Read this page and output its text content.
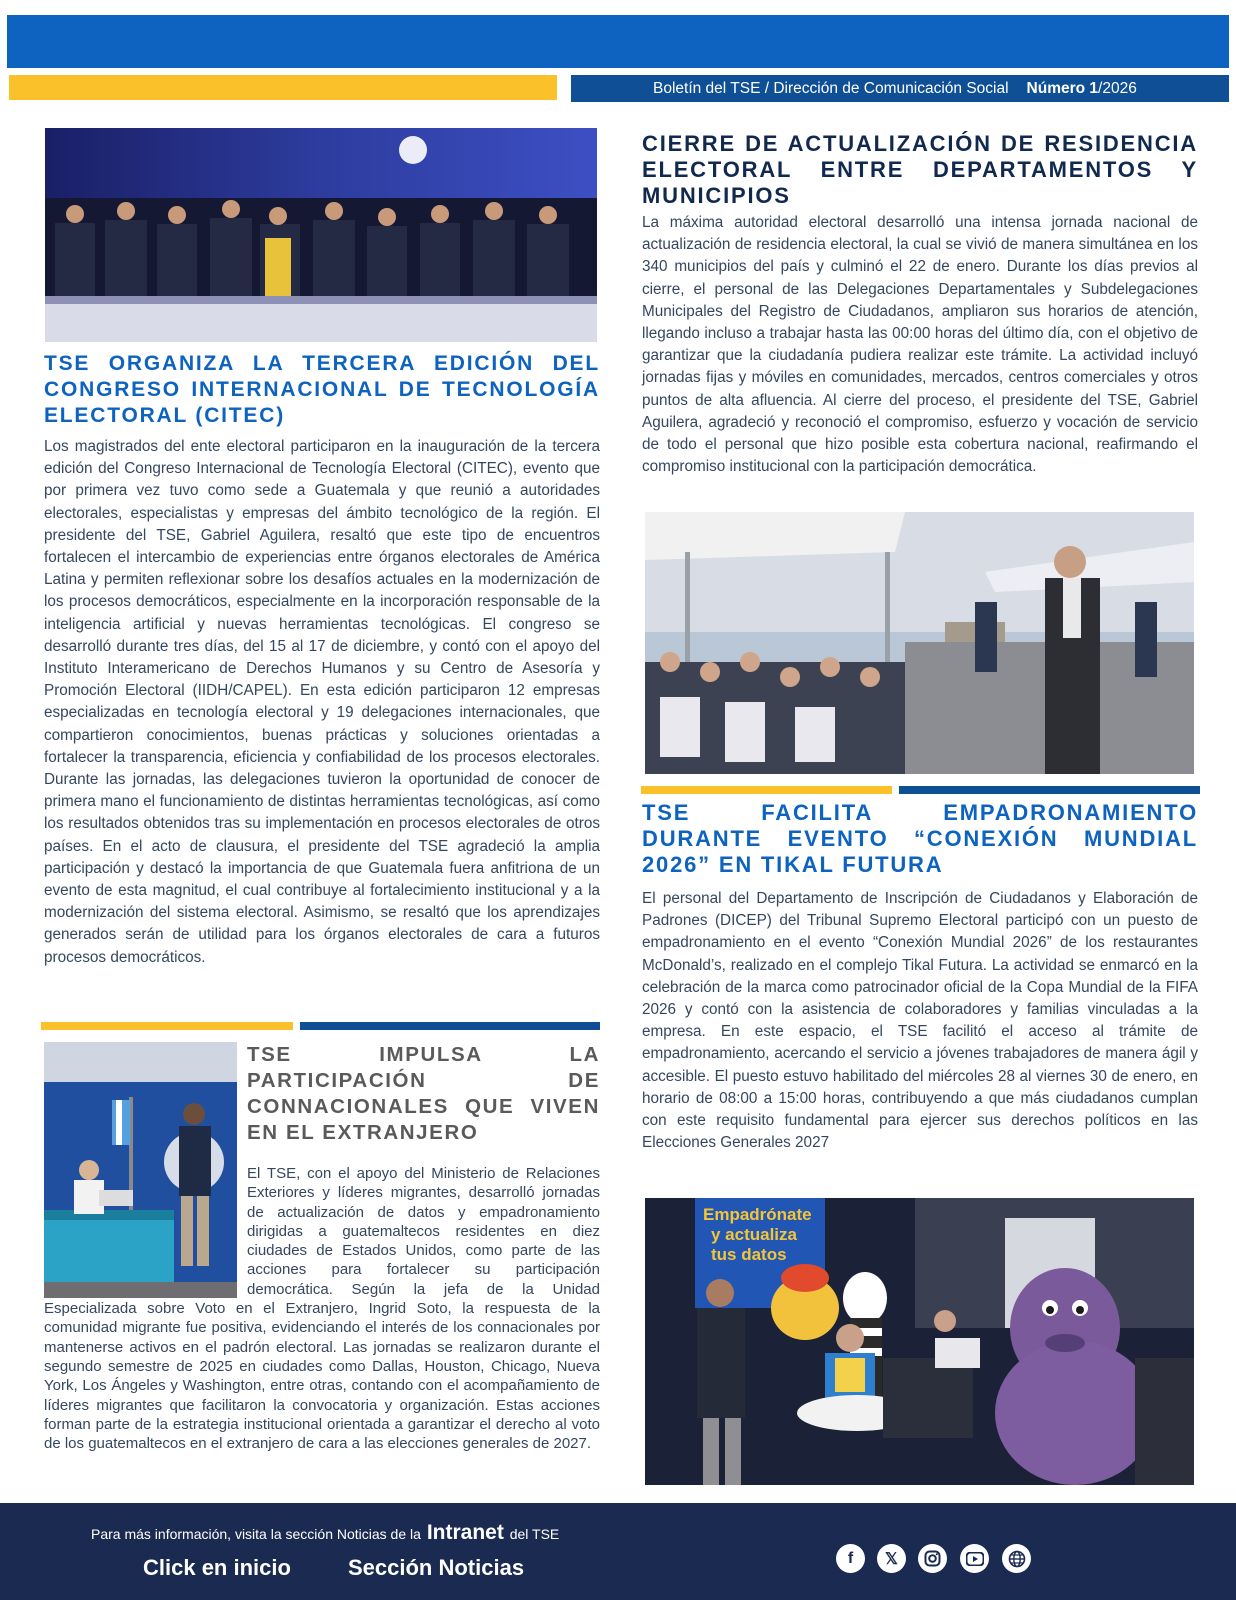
Boletín del TSE / Dirección de Comunicación Social Número 1 /2026
TSE ORGANIZA LA TERCERA EDICIÓN DEL CONGRESO INTERNACIONAL DE TECNOLOGÍA ELECTORAL (CITEC)

Los magistrados del ente electoral participaron en la inauguración de la tercera edición del Congreso Internacional de Tecnología Electoral (CITEC), evento que por primera vez tuvo como sede a Guatemala y que reunió a autoridades electorales, especialistas y empresas del ámbito tecnológico de la región. El presidente del TSE, Gabriel Aguilera, resaltó que este tipo de encuentros fortalecen el intercambio de experiencias entre órganos electorales de América Latina y permiten reflexionar sobre los desafíos actuales en la modernización de los procesos democráticos, especialmente en la incorporación responsable de la inteligencia artificial y nuevas herramientas tecnológicas. El congreso se desarrolló durante tres días, del 15 al 17 de diciembre, y contó con el apoyo del Instituto Interamericano de Derechos Humanos y su Centro de Asesoría y Promoción Electoral (IIDH/CAPEL). En esta edición participaron 12 empresas especializadas en tecnología electoral y 19 delegaciones internacionales, que compartieron conocimientos, buenas prácticas y soluciones orientadas a fortalecer la transparencia, eficiencia y confiabilidad de los procesos electorales. Durante las jornadas, las delegaciones tuvieron la oportunidad de conocer de primera mano el funcionamiento de distintas herramientas tecnológicas, así como los resultados obtenidos tras su implementación en procesos electorales de otros países. En el acto de clausura, el presidente del TSE agradeció la amplia participación y destacó la importancia de que Guatemala fuera anfitriona de un evento de esta magnitud, el cual contribuye al fortalecimiento institucional y a la modernización del sistema electoral. Asimismo, se resaltó que los aprendizajes generados serán de utilidad para los órganos electorales de cara a futuros procesos democráticos.

TSE IMPULSA LA PARTICIPACIÓN DE CONNACIONALES QUE VIVEN EN EL EXTRANJERO
El TSE, con el apoyo del Ministerio de Relaciones Exteriores y líderes migrantes, desarrolló jornadas de actualización de datos y empadronamiento dirigidas a guatemaltecos residentes en diez ciudades de Estados Unidos, como parte de las acciones para fortalecer su participación democrática. Según la jefa de la Unidad Especializada sobre Voto en el Extranjero, Ingrid Soto, la respuesta de la comunidad migrante fue positiva, evidenciando el interés de los connacionales por mantenerse activos en el padrón electoral. Las jornadas se realizaron durante el segundo semestre de 2025 en ciudades como Dallas, Houston, Chicago, Nueva York, Los Ángeles y Washington, entre otras, contando con el acompañamiento de líderes migrantes que facilitaron la convocatoria y organización. Estas acciones forman parte de la estrategia institucional orientada a garantizar el derecho al voto de los guatemaltecos en el extranjero de cara a las elecciones generales de 2027.
CIERRE DE ACTUALIZACIÓN DE RESIDENCIA ELECTORAL ENTRE DEPARTAMENTOS Y MUNICIPIOS

La máxima autoridad electoral desarrolló una intensa jornada nacional de actualización de residencia electoral, la cual se vivió de manera simultánea en los 340 municipios del país y culminó el 22 de enero. Durante los días previos al cierre, el personal de las Delegaciones Departamentales y Subdelegaciones Municipales del Registro de Ciudadanos, ampliaron sus horarios de atención, llegando incluso a trabajar hasta las 00:00 horas del último día, con el objetivo de garantizar que la ciudadanía pudiera realizar este trámite. La actividad incluyó jornadas fijas y móviles en comunidades, mercados, centros comerciales y otros puntos de alta afluencia. Al cierre del proceso, el presidente del TSE, Gabriel Aguilera, agradeció y reconoció el compromiso, esfuerzo y vocación de servicio de todo el personal que hizo posible esta cobertura nacional, reafirmando el compromiso institucional con la participación democrática.

TSE FACILITA EMPADRONAMIENTO DURANTE EVENTO “CONEXIÓN MUNDIAL 2026” EN TIKAL FUTURA

El personal del Departamento de Inscripción de Ciudadanos y Elaboración de Padrones (DICEP) del Tribunal Supremo Electoral participó con un puesto de empadronamiento en el evento “Conexión Mundial 2026” de los restaurantes McDonald’s, realizado en el complejo Tikal Futura. La actividad se enmarcó en la celebración de la marca como patrocinador oficial de la Copa Mundial de la FIFA 2026 y contó con la asistencia de colaboradores y familias vinculadas a la empresa. En este espacio, el TSE facilitó el acceso al trámite de empadronamiento, acercando el servicio a jóvenes trabajadores de manera ágil y accesible. El puesto estuvo habilitado del miércoles 28 al viernes 30 de enero, en horario de 08:00 a 15:00 horas, contribuyendo a que más ciudadanos cumplan con este requisito fundamental para ejercer sus derechos políticos en las Elecciones Generales 2027

Empadrónate
y actualiza
tus datos
Para más información, visita la sección Noticias de la Intranet del TSE
Click en inicio	Sección Noticias	f	𝕏
